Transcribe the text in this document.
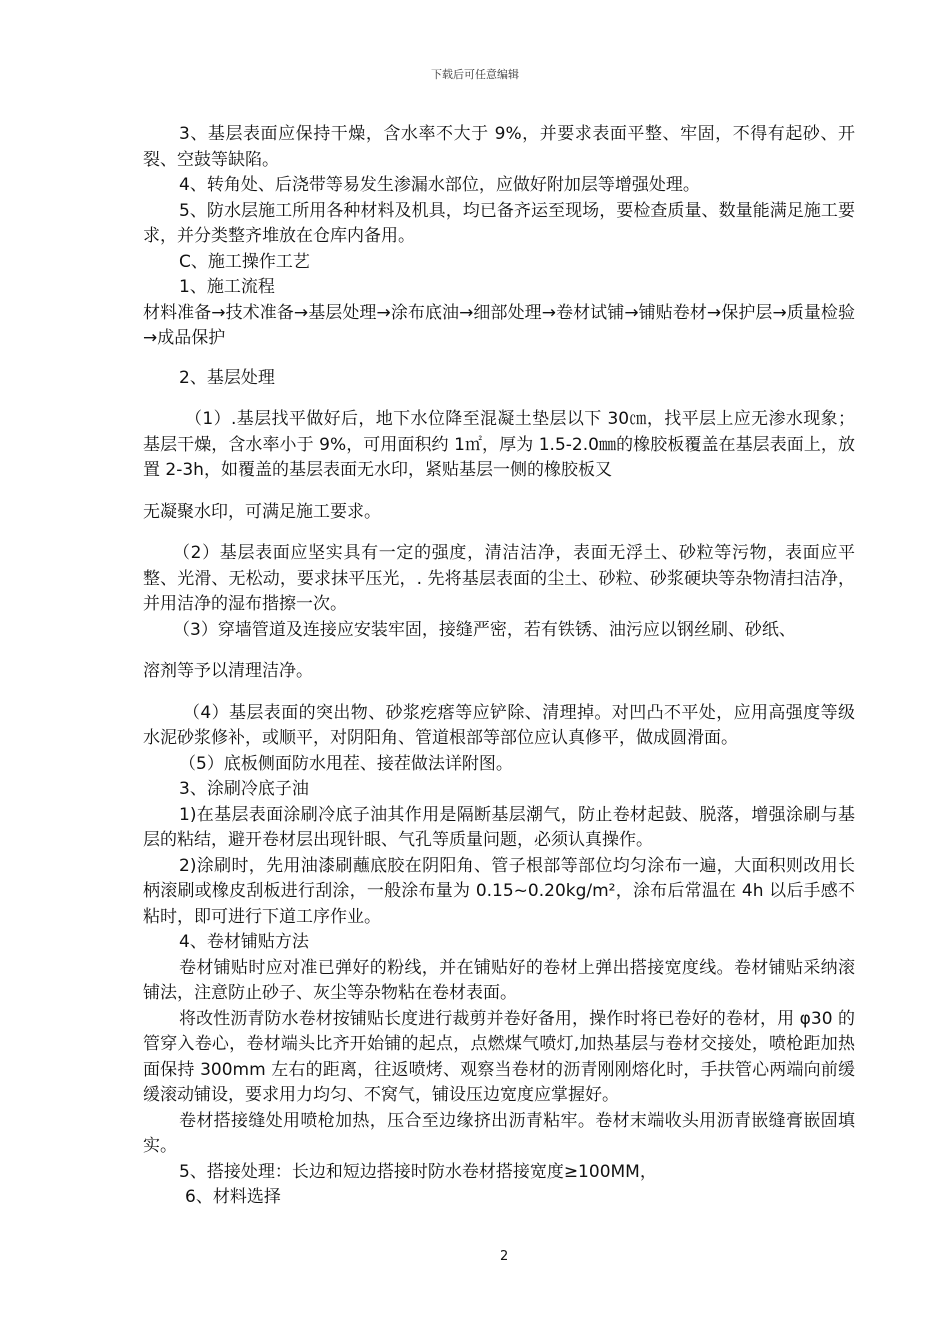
下载后可任意编辑

3、基层表面应保持干燥，含水率不大于 9%，并要求表面平整、牢固，不得有起砂、开裂、空鼓等缺陷。

4、转角处、后浇带等易发生渗漏水部位，应做好附加层等增强处理。

5、防水层施工所用各种材料及机具，均已备齐运至现场，要检查质量、数量能满足施工要求，并分类整齐堆放在仓库内备用。

C、施工操作工艺

1、施工流程

材料准备→技术准备→基层处理→涂布底油→细部处理→卷材试铺→铺贴卷材→保护层→质量检验→成品保护

2、基层处理

（1）.基层找平做好后，地下水位降至混凝土垫层以下 30㎝，找平层上应无渗水现象；基层干燥，含水率小于 9%，可用面积约 1㎡，厚为 1.5-2.0㎜的橡胶板覆盖在基层表面上，放置 2-3h，如覆盖的基层表面无水印，紧贴基层一侧的橡胶板又

无凝聚水印，可满足施工要求。

（2）基层表面应坚实具有一定的强度，清洁洁净，表面无浮土、砂粒等污物，表面应平整、光滑、无松动，要求抹平压光，. 先将基层表面的尘土、砂粒、砂浆硬块等杂物清扫洁净，并用洁净的湿布揩擦一次。

（3）穿墙管道及连接应安装牢固，接缝严密，若有铁锈、油污应以钢丝刷、砂纸、

溶剂等予以清理洁净。

（4）基层表面的突出物、砂浆疙瘩等应铲除、清理掉。对凹凸不平处，应用高强度等级水泥砂浆修补，或顺平，对阴阳角、管道根部等部位应认真修平，做成圆滑面。

（5）底板侧面防水甩茬、接茬做法详附图。

3、涂刷冷底子油

1)在基层表面涂刷冷底子油其作用是隔断基层潮气，防止卷材起鼓、脱落，增强涂刷与基层的粘结，避开卷材层出现针眼、气孔等质量问题，必须认真操作。

2)涂刷时，先用油漆刷蘸底胶在阴阳角、管子根部等部位均匀涂布一遍，大面积则改用长柄滚刷或橡皮刮板进行刮涂，一般涂布量为 0.15~0.20kg/m²，涂布后常温在 4h 以后手感不粘时，即可进行下道工序作业。

4、卷材铺贴方法

卷材铺贴时应对准已弹好的粉线，并在铺贴好的卷材上弹出搭接宽度线。卷材铺贴采纳滚铺法，注意防止砂子、灰尘等杂物粘在卷材表面。

将改性沥青防水卷材按铺贴长度进行裁剪并卷好备用，操作时将已卷好的卷材，用 φ30 的管穿入卷心，卷材端头比齐开始铺的起点，点燃煤气喷灯,加热基层与卷材交接处，喷枪距加热面保持 300mm 左右的距离，往返喷烤、观察当卷材的沥青刚刚熔化时，手扶管心两端向前缓缓滚动铺设，要求用力均匀、不窝气，铺设压边宽度应掌握好。

卷材搭接缝处用喷枪加热，压合至边缘挤出沥青粘牢。卷材末端收头用沥青嵌缝膏嵌固填实。

5、搭接处理：长边和短边搭接时防水卷材搭接宽度≥100MM，

6、材料选择

2
